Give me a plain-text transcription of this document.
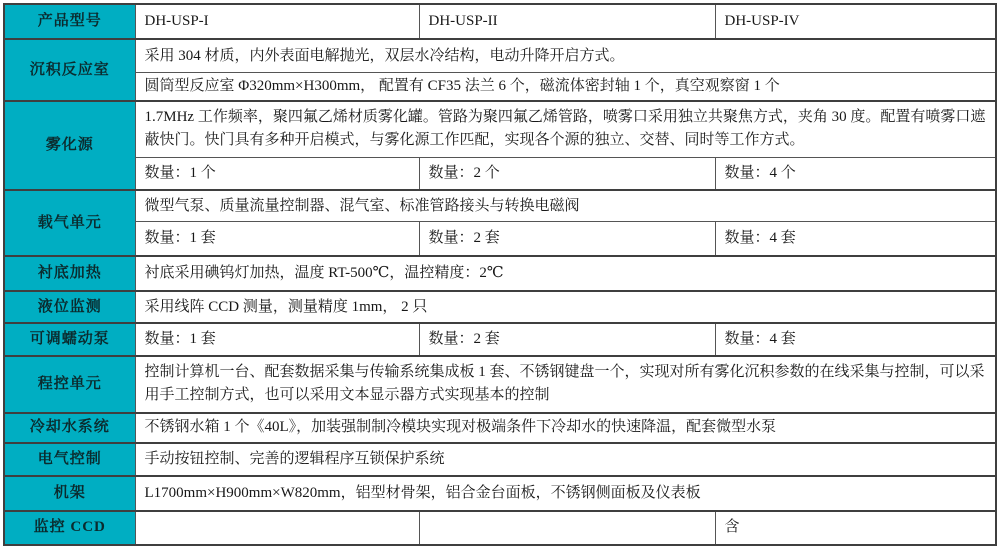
产品型号	DH-USP-I	DH-USP-II	DH-USP-IV
沉积反应室	采用 304 材质，内外表面电解抛光，双层水冷结构，电动升降开启方式。		
	圆筒型反应室 Φ320mm×H300mm， 配置有 CF35 法兰 6 个，磁流体密封轴 1 个，真空观察窗 1 个		
雾化源	1.7MHz 工作频率，聚四氟乙烯材质雾化罐。管路为聚四氟乙烯管路，喷雾口采用独立共聚焦方式，夹角 30 度。配置有喷雾口遮蔽快门。快门具有多种开启模式，与雾化源工作匹配，实现各个源的独立、交替、同时等工作方式。		
	数量：1 个	数量：2 个	数量：4 个
载气单元	微型气泵、质量流量控制器、混气室、标准管路接头与转换电磁阀		
	数量：1 套	数量：2 套	数量：4 套
衬底加热	衬底采用碘钨灯加热，温度 RT-500℃，温控精度：2℃		
液位监测	采用线阵 CCD 测量，测量精度 1mm， 2 只		
可调蠕动泵	数量：1 套	数量：2 套	数量：4 套
程控单元	控制计算机一台、配套数据采集与传输系统集成板 1 套、不锈钢键盘一个，实现对所有雾化沉积参数的在线采集与控制，可以采用手工控制方式，也可以采用文本显示器方式实现基本的控制		
冷却水系统	不锈钢水箱 1 个《40L》，加装强制制冷模块实现对极端条件下冷却水的快速降温，配套微型水泵		
电气控制	手动按钮控制、完善的逻辑程序互锁保护系统		
机架	L1700mm×H900mm×W820mm，铝型材骨架，铝合金台面板，不锈钢侧面板及仪表板		
监控 CCD			含
